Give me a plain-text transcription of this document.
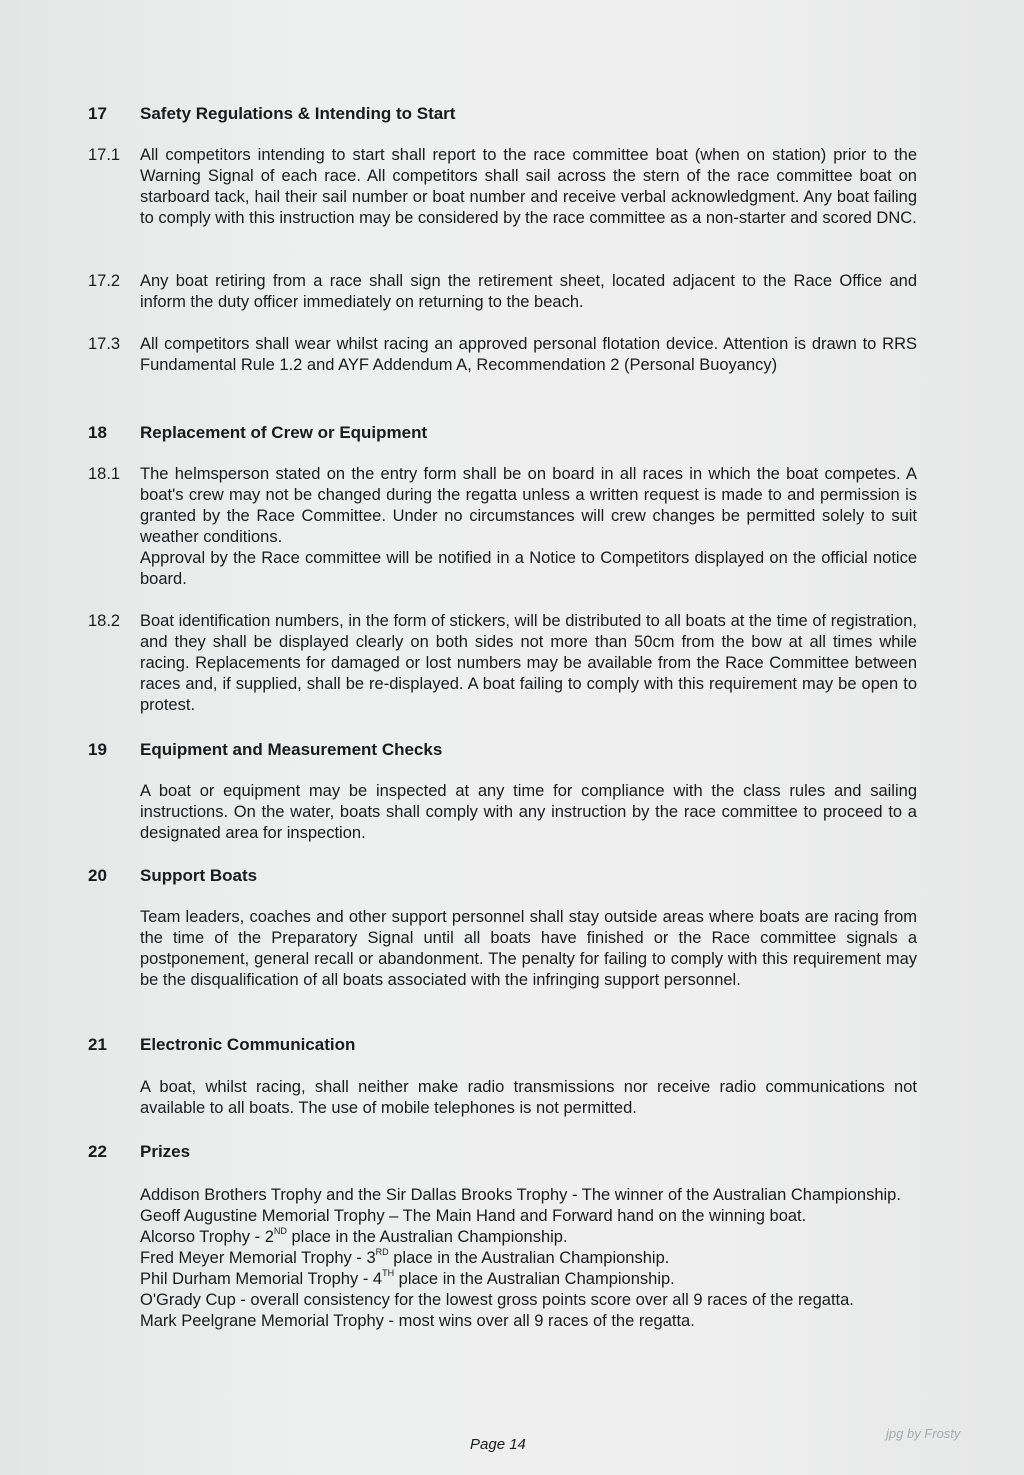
17 Safety Regulations & Intending to Start
17.1	All competitors intending to start shall report to the race committee boat (when on station) prior to the Warning Signal of each race. All competitors shall sail across the stern of the race committee boat on starboard tack, hail their sail number or boat number and receive verbal acknowledgment. Any boat failing to comply with this instruction may be considered by the race committee as a non-starter and scored DNC.
17.2	Any boat retiring from a race shall sign the retirement sheet, located adjacent to the Race Office and inform the duty officer immediately on returning to the beach.
17.3	All competitors shall wear whilst racing an approved personal flotation device. Attention is drawn to RRS Fundamental Rule 1.2 and AYF Addendum A, Recommendation 2 (Personal Buoyancy)
18 Replacement of Crew or Equipment
18.1	The helmsperson stated on the entry form shall be on board in all races in which the boat competes. A boat's crew may not be changed during the regatta unless a written request is made to and permission is granted by the Race Committee. Under no circumstances will crew changes be permitted solely to suit weather conditions.
Approval by the Race committee will be notified in a Notice to Competitors displayed on the official notice board.
18.2	Boat identification numbers, in the form of stickers, will be distributed to all boats at the time of registration, and they shall be displayed clearly on both sides not more than 50cm from the bow at all times while racing. Replacements for damaged or lost numbers may be available from the Race Committee between races and, if supplied, shall be re-displayed. A boat failing to comply with this requirement may be open to protest.
19 Equipment and Measurement Checks
A boat or equipment may be inspected at any time for compliance with the class rules and sailing instructions. On the water, boats shall comply with any instruction by the race committee to proceed to a designated area for inspection.
20 Support Boats
Team leaders, coaches and other support personnel shall stay outside areas where boats are racing from the time of the Preparatory Signal until all boats have finished or the Race committee signals a postponement, general recall or abandonment. The penalty for failing to comply with this requirement may be the disqualification of all boats associated with the infringing support personnel.
21 Electronic Communication
A boat, whilst racing, shall neither make radio transmissions nor receive radio communications not available to all boats. The use of mobile telephones is not permitted.
22 Prizes
Addison Brothers Trophy and the Sir Dallas Brooks Trophy - The winner of the Australian Championship.
Geoff Augustine Memorial Trophy – The Main Hand and Forward hand on the winning boat.
Alcorso Trophy - 2ND place in the Australian Championship.
Fred Meyer Memorial Trophy - 3RD place in the Australian Championship.
Phil Durham Memorial Trophy - 4TH place in the Australian Championship.
O'Grady Cup - overall consistency for the lowest gross points score over all 9 races of the regatta.
Mark Peelgrane Memorial Trophy - most wins over all 9 races of the regatta.
Page 14
jpg by Frosty
